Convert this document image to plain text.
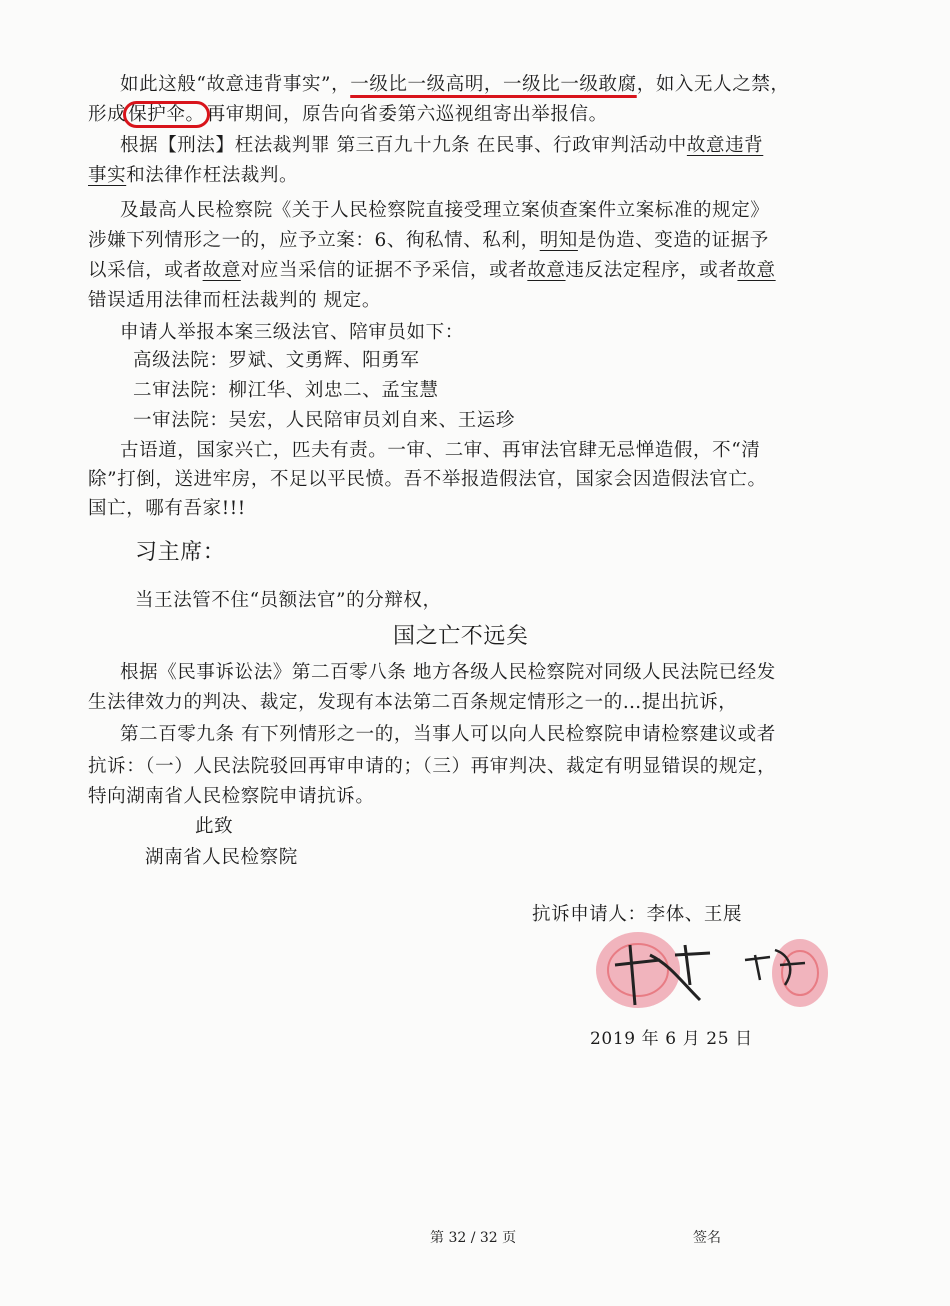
如此这般“故意违背事实”，一级比一级高明，一级比一级敢腐，如入无人之禁，
形成 保护伞。 再审期间，原告向省委第六巡视组寄出举报信。
根据【刑法】枉法裁判罪 第三百九十九条 在民事、行政审判活动中故意违背
事实和法律作枉法裁判。
及最高人民检察院《关于人民检察院直接受理立案侦查案件立案标准的规定》
涉嫌下列情形之一的，应予立案：6、徇私情、私利，明知是伪造、变造的证据予
以采信，或者故意对应当采信的证据不予采信，或者故意违反法定程序，或者故意
错误适用法律而枉法裁判的 规定。
申请人举报本案三级法官、陪审员如下：
高级法院：罗斌、文勇辉、阳勇军
二审法院：柳江华、刘忠二、孟宝慧
一审法院：吴宏，人民陪审员刘自来、王运珍
古语道，国家兴亡，匹夫有责。一审、二审、再审法官肆无忌惮造假，不“清
除”打倒，送进牢房，不足以平民愤。吾不举报造假法官，国家会因造假法官亡。
国亡，哪有吾家!!!
习主席：
当王法管不住“员额法官”的分辩权，
国之亡不远矣
根据《民事诉讼法》第二百零八条 地方各级人民检察院对同级人民法院已经发
生法律效力的判决、裁定，发现有本法第二百条规定情形之一的…提出抗诉，
第二百零九条 有下列情形之一的，当事人可以向人民检察院申请检察建议或者
抗诉：（一）人民法院驳回再审申请的；（三）再审判决、裁定有明显错误的规定，
特向湖南省人民检察院申请抗诉。
此致
湖南省人民检察院
抗诉申请人：李体、王展
2019 年 6 月 25 日
第 32 / 32 页	签名
